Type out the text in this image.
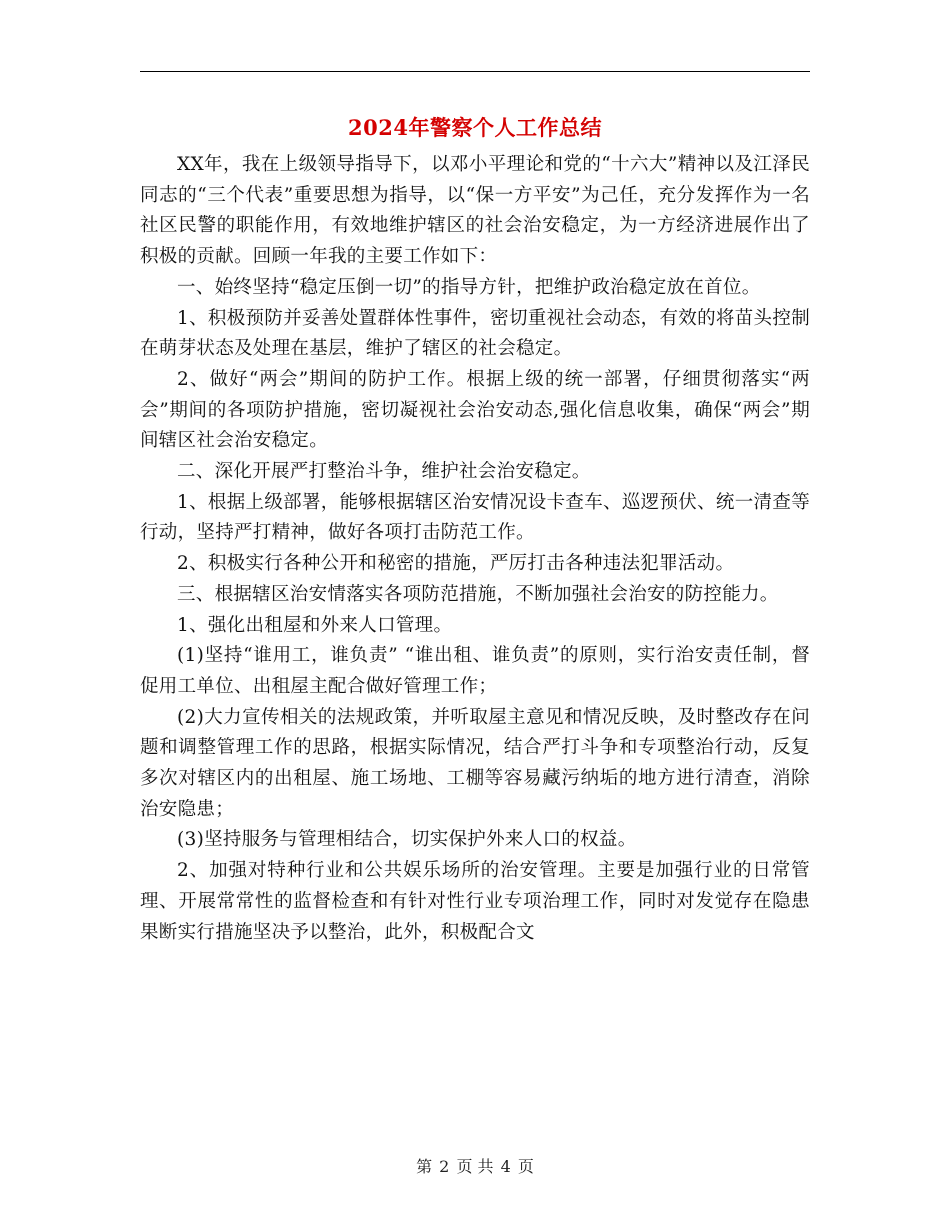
2024年警察个人工作总结

XX年，我在上级领导指导下，以邓小平理论和党的“十六大”精神以及江泽民同志的“三个代表”重要思想为指导，以“保一方平安”为己任，充分发挥作为一名社区民警的职能作用，有效地维护辖区的社会治安稳定，为一方经济进展作出了积极的贡献。回顾一年我的主要工作如下：

一、始终坚持“稳定压倒一切”的指导方针，把维护政治稳定放在首位。

1、积极预防并妥善处置群体性事件，密切重视社会动态，有效的将苗头控制在萌芽状态及处理在基层，维护了辖区的社会稳定。

2、做好“两会”期间的防护工作。根据上级的统一部署，仔细贯彻落实“两会”期间的各项防护措施，密切凝视社会治安动态,强化信息收集，确保“两会”期间辖区社会治安稳定。

二、深化开展严打整治斗争，维护社会治安稳定。

1、根据上级部署，能够根据辖区治安情况设卡查车、巡逻预伏、统一清查等行动，坚持严打精神，做好各项打击防范工作。

2、积极实行各种公开和秘密的措施，严厉打击各种违法犯罪活动。

三、根据辖区治安情落实各项防范措施，不断加强社会治安的防控能力。

1、强化出租屋和外来人口管理。

(1)坚持“谁用工，谁负责” “谁出租、谁负责”的原则，实行治安责任制，督促用工单位、出租屋主配合做好管理工作；

(2)大力宣传相关的法规政策，并听取屋主意见和情况反映，及时整改存在问题和调整管理工作的思路，根据实际情况，结合严打斗争和专项整治行动，反复多次对辖区内的出租屋、施工场地、工棚等容易藏污纳垢的地方进行清查，消除治安隐患；

(3)坚持服务与管理相结合，切实保护外来人口的权益。

2、加强对特种行业和公共娱乐场所的治安管理。主要是加强行业的日常管理、开展常常性的监督检查和有针对性行业专项治理工作，同时对发觉存在隐患果断实行措施坚决予以整治，此外，积极配合文

第 2 页 共 4 页
